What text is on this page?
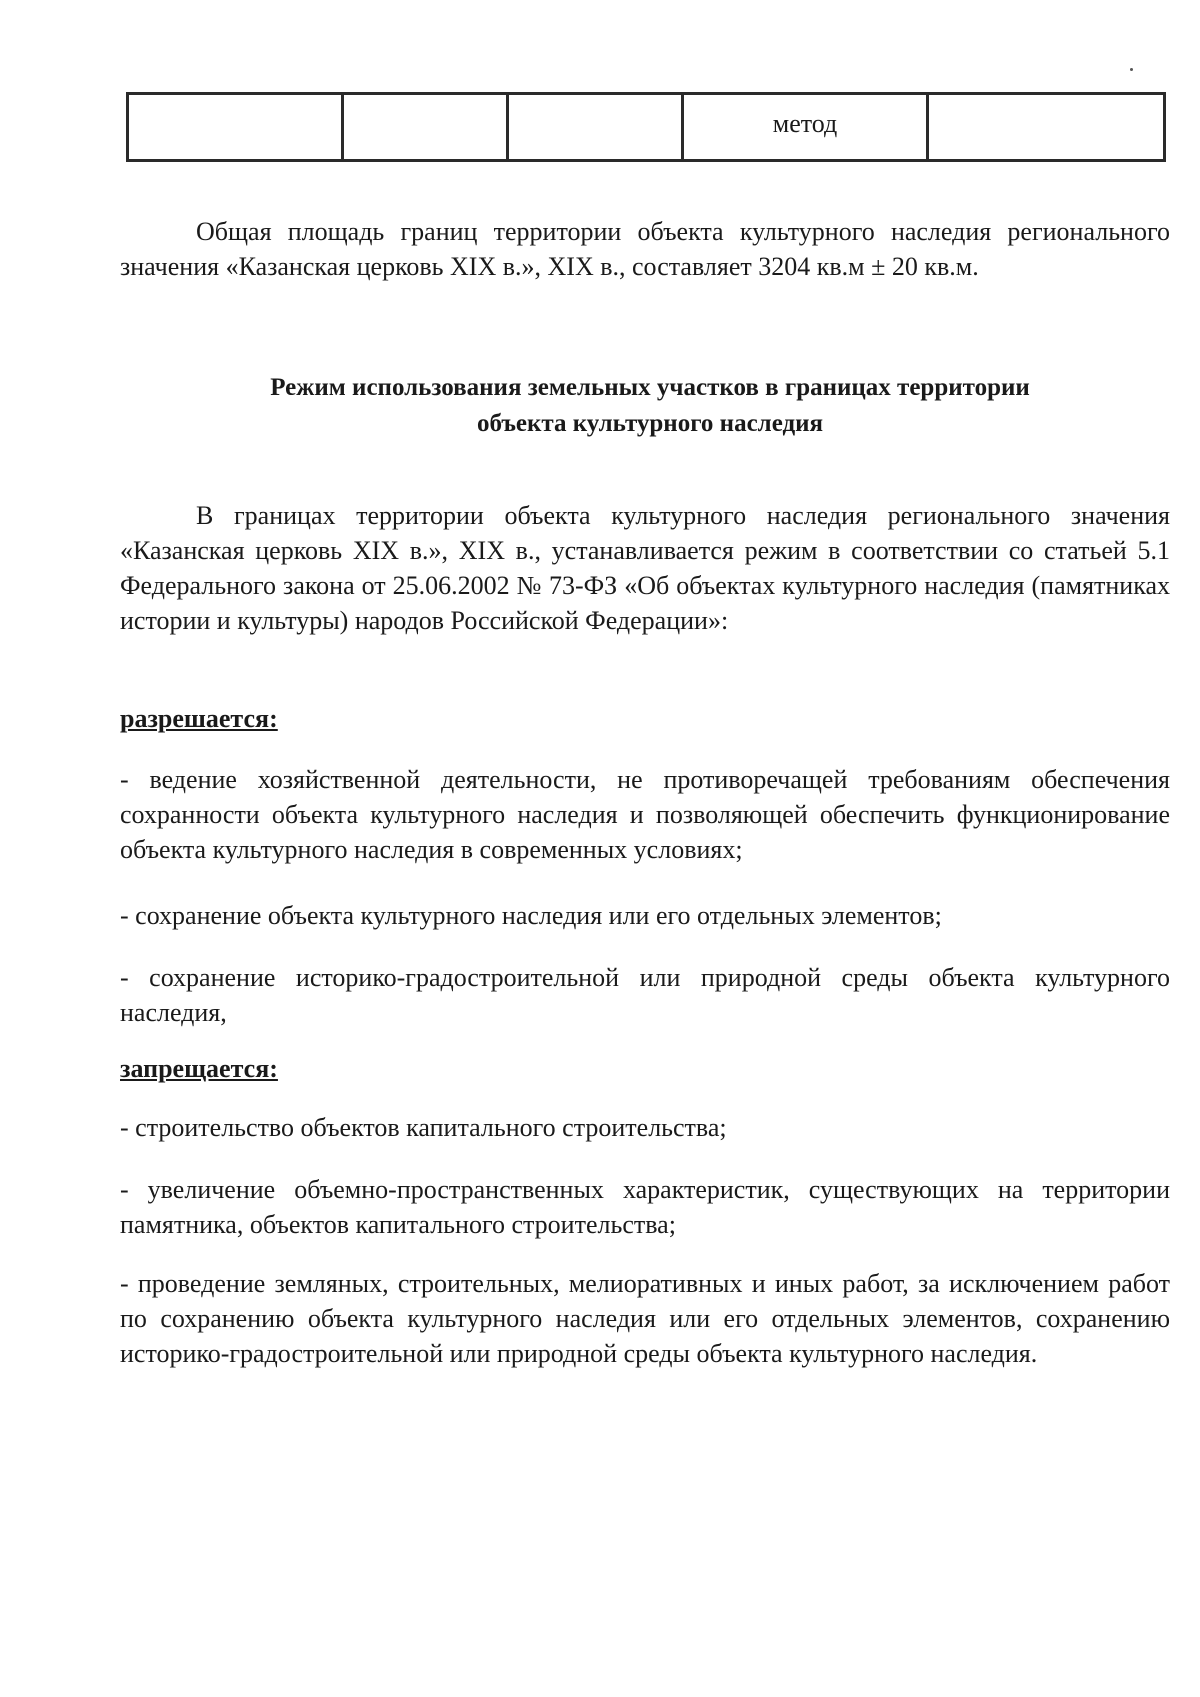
			метод	

Общая площадь границ территории объекта культурного наследия регионального значения «Казанская церковь XIX в.», XIX в., составляет 3204 кв.м ± 20 кв.м.

Режим использования земельных участков в границах территории
объекта культурного наследия

В границах территории объекта культурного наследия регионального значения «Казанская церковь XIX в.», XIX в., устанавливается режим в соответствии со статьей 5.1 Федерального закона от 25.06.2002 № 73-ФЗ «Об объектах культурного наследия (памятниках истории и культуры) народов Российской Федерации»:

разрешается:

- ведение хозяйственной деятельности, не противоречащей требованиям обеспечения сохранности объекта культурного наследия и позволяющей обеспечить функционирование объекта культурного наследия в современных условиях;

- сохранение объекта культурного наследия или его отдельных элементов;

- сохранение историко-градостроительной или природной среды объекта культурного наследия,

запрещается:

- строительство объектов капитального строительства;

- увеличение объемно-пространственных характеристик, существующих на территории памятника, объектов капитального строительства;

- проведение земляных, строительных, мелиоративных и иных работ, за исключением работ по сохранению объекта культурного наследия или его отдельных элементов, сохранению историко-градостроительной или природной среды объекта культурного наследия.
